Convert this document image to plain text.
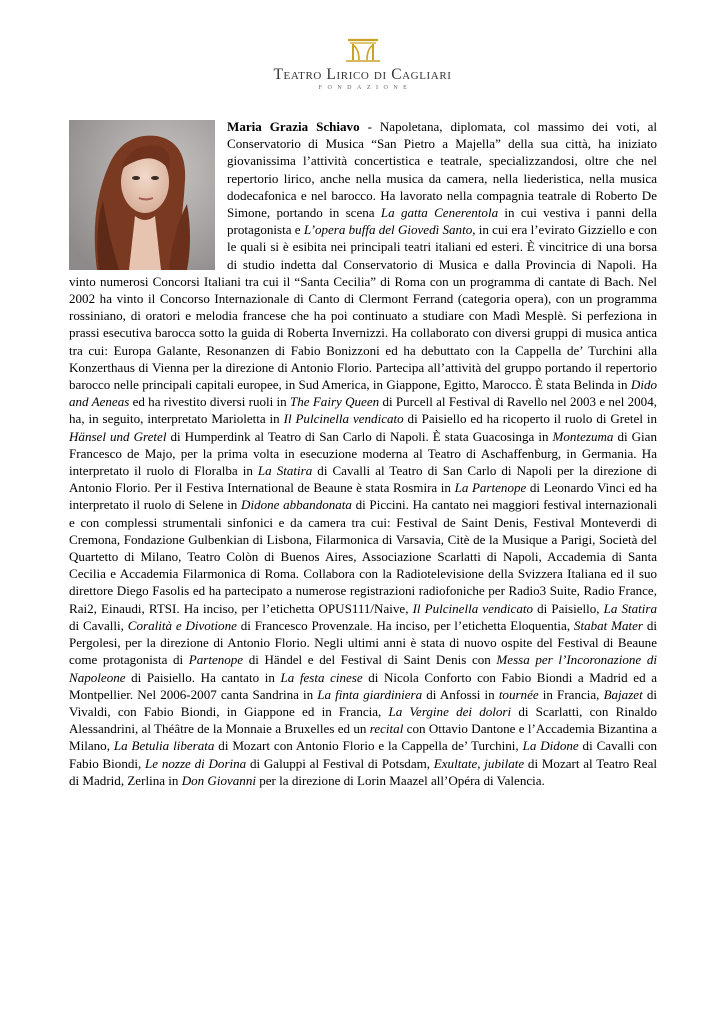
Teatro Lirico di Cagliari
FONDAZIONE
Maria Grazia Schiavo - Napoletana, diplomata, col massimo dei voti, al Conservatorio di Musica “San Pietro a Majella” della sua città, ha iniziato giovanissima l’attività concertistica e teatrale, specializzandosi, oltre che nel repertorio lirico, anche nella musica da camera, nella liederistica, nella musica dodecafonica e nel barocco. Ha lavorato nella compagnia teatrale di Roberto De Simone, portando in scena La gatta Cenerentola in cui vestiva i panni della protagonista e L’opera buffa del Giovedì Santo, in cui era l’evirato Gizziello e con le quali si è esibita nei principali teatri italiani ed esteri. È vincitrice di una borsa di studio indetta dal Conservatorio di Musica e dalla Provincia di Napoli. Ha vinto numerosi Concorsi Italiani tra cui il “Santa Cecilia” di Roma con un programma di cantate di Bach. Nel 2002 ha vinto il Concorso Internazionale di Canto di Clermont Ferrand (categoria opera), con un programma rossiniano, di oratori e melodia francese che ha poi continuato a studiare con Madì Mesplè. Si perfeziona in prassi esecutiva barocca sotto la guida di Roberta Invernizzi. Ha collaborato con diversi gruppi di musica antica tra cui: Europa Galante, Resonanzen di Fabio Bonizzoni ed ha debuttato con la Cappella de’ Turchini alla Konzerthaus di Vienna per la direzione di Antonio Florio. Partecipa all’attività del gruppo portando il repertorio barocco nelle principali capitali europee, in Sud America, in Giappone, Egitto, Marocco. È stata Belinda in Dido and Aeneas ed ha rivestito diversi ruoli in The Fairy Queen di Purcell al Festival di Ravello nel 2003 e nel 2004, ha, in seguito, interpretato Marioletta in Il Pulcinella vendicato di Paisiello ed ha ricoperto il ruolo di Gretel in Hänsel und Gretel di Humperdink al Teatro di San Carlo di Napoli. È stata Guacosinga in Montezuma di Gian Francesco de Majo, per la prima volta in esecuzione moderna al Teatro di Aschaffenburg, in Germania. Ha interpretato il ruolo di Floralba in La Statira di Cavalli al Teatro di San Carlo di Napoli per la direzione di Antonio Florio. Per il Festiva International de Beaune è stata Rosmira in La Partenope di Leonardo Vinci ed ha interpretato il ruolo di Selene in Didone abbandonata di Piccini. Ha cantato nei maggiori festival internazionali e con complessi strumentali sinfonici e da camera tra cui: Festival de Saint Denis, Festival Monteverdi di Cremona, Fondazione Gulbenkian di Lisbona, Filarmonica di Varsavia, Citè de la Musique a Parigi, Società del Quartetto di Milano, Teatro Colòn di Buenos Aires, Associazione Scarlatti di Napoli, Accademia di Santa Cecilia e Accademia Filarmonica di Roma. Collabora con la Radiotelevisione della Svizzera Italiana ed il suo direttore Diego Fasolis ed ha partecipato a numerose registrazioni radiofoniche per Radio3 Suite, Radio France, Rai2, Einaudi, RTSI. Ha inciso, per l’etichetta OPUS111/Naive, Il Pulcinella vendicato di Paisiello, La Statira di Cavalli, Coralità e Divotione di Francesco Provenzale. Ha inciso, per l’etichetta Eloquentia, Stabat Mater di Pergolesi, per la direzione di Antonio Florio. Negli ultimi anni è stata di nuovo ospite del Festival di Beaune come protagonista di Partenope di Händel e del Festival di Saint Denis con Messa per l’Incoronazione di Napoleone di Paisiello. Ha cantato in La festa cinese di Nicola Conforto con Fabio Biondi a Madrid ed a Montpellier. Nel 2006-2007 canta Sandrina in La finta giardiniera di Anfossi in tournée in Francia, Bajazet di Vivaldi, con Fabio Biondi, in Giappone ed in Francia, La Vergine dei dolori di Scarlatti, con Rinaldo Alessandrini, al Théâtre de la Monnaie a Bruxelles ed un recital con Ottavio Dantone e l’Accademia Bizantina a Milano, La Betulia liberata di Mozart con Antonio Florio e la Cappella de’ Turchini, La Didone di Cavalli con Fabio Biondi, Le nozze di Dorina di Galuppi al Festival di Potsdam, Exultate, jubilate di Mozart al Teatro Real di Madrid, Zerlina in Don Giovanni per la direzione di Lorin Maazel all’Opéra di Valencia.
